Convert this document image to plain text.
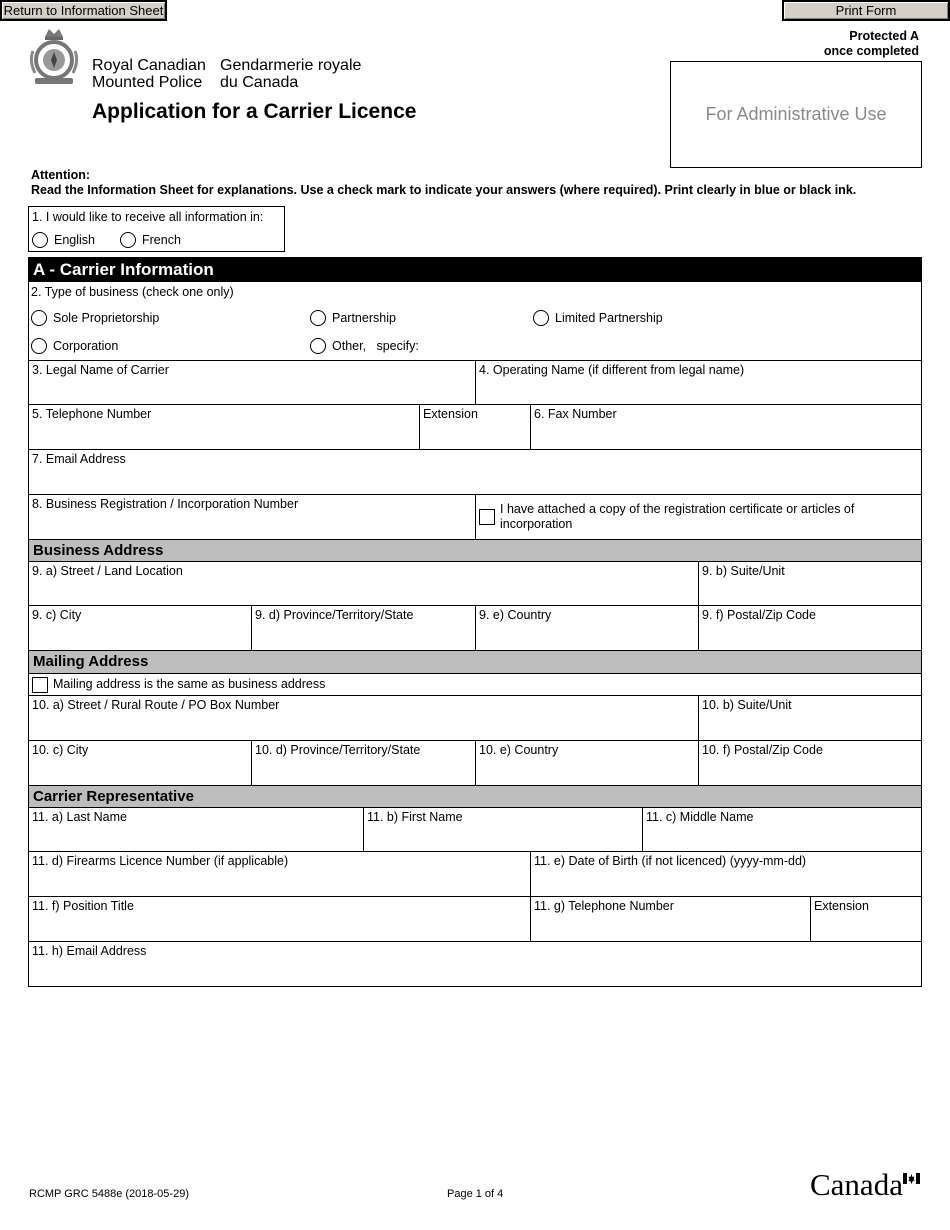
Return to Information Sheet	Print Form
Royal Canadian
Mounted Police
Gendarmerie royale
du Canada
Application for a Carrier Licence
Protected A
once completed
For Administrative Use
Attention:
Read the Information Sheet for explanations. Use a check mark to indicate your answers (where required). Print clearly in blue or black ink.
1. I would like to receive all information in:
English	French
A - Carrier Information
2. Type of business (check one only)
Sole Proprietorship	Partnership	Limited Partnership
Corporation	Other,   specify:
3. Legal Name of Carrier	4. Operating Name (if different from legal name)
5. Telephone Number	Extension	6. Fax Number
7. Email Address
8. Business Registration / Incorporation Number	I have attached a copy of the registration certificate or articles of incorporation
Business Address
9. a) Street / Land Location	9. b) Suite/Unit
9. c) City	9. d) Province/Territory/State	9. e) Country	9. f) Postal/Zip Code
Mailing Address
Mailing address is the same as business address
10. a) Street / Rural Route / PO Box Number	10. b) Suite/Unit
10. c) City	10. d) Province/Territory/State	10. e) Country	10. f) Postal/Zip Code
Carrier Representative
11. a) Last Name	11. b) First Name	11. c) Middle Name
11. d) Firearms Licence Number (if applicable)	11. e) Date of Birth (if not licenced) (yyyy-mm-dd)
11. f) Position Title	11. g) Telephone Number	Extension
11. h) Email Address
RCMP GRC 5488e (2018-05-29)	Page 1 of 4	Canada
